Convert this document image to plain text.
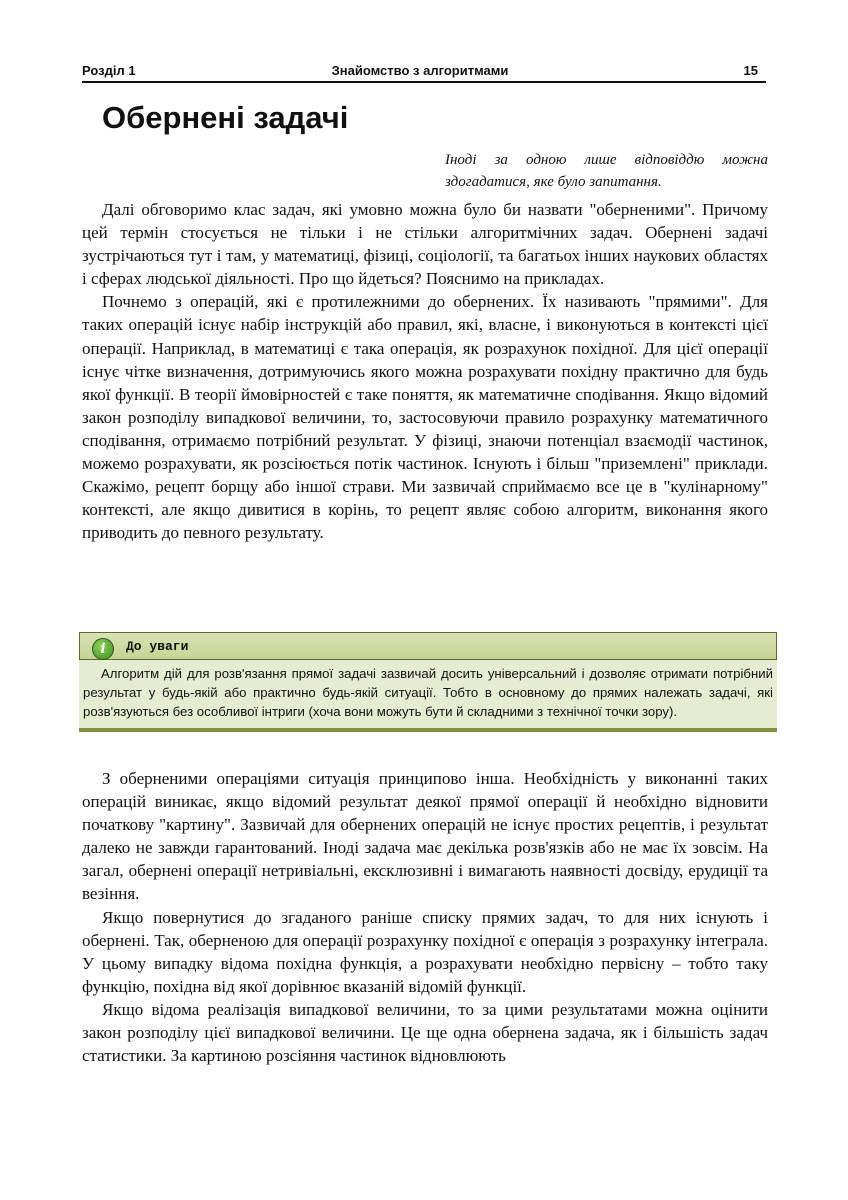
Розділ 1	Знайомство з алгоритмами	15
Обернені задачі
Іноді за одною лише відповіддю можна здогадатися, яке було запитання.

Далі обговоримо клас задач, які умовно можна було би назвати "оберненими". Причому цей термін стосується не тільки і не стільки алгоритмічних задач. Обернені задачі зустрічаються тут і там, у математиці, фізиці, соціології, та багатьох інших наукових областях і сферах людської діяльності. Про що йдеться? Пояснимо на прикладах.

Почнемо з операцій, які є протилежними до обернених. Їх називають "прямими". Для таких операцій існує набір інструкцій або правил, які, власне, і виконуються в контексті цієї операції. Наприклад, в математиці є така операція, як розрахунок похідної. Для цієї операції існує чітке визначення, дотримуючись якого можна розрахувати похідну практично для будь якої функції. В теорії ймовірностей є таке поняття, як математичне сподівання. Якщо відомий закон розподілу випадкової величини, то, застосовуючи правило розрахунку математичного сподівання, отримаємо потрібний результат. У фізиці, знаючи потенціал взаємодії частинок, можемо розрахувати, як розсіюється потік частинок. Існують і більш "приземлені" приклади. Скажімо, рецепт борщу або іншої страви. Ми зазвичай сприймаємо все це в "кулінарному" контексті, але якщо дивитися в корінь, то рецепт являє собою алгоритм, виконання якого приводить до певного результату.

i	До уваги
Алгоритм дій для розв'язання прямої задачі зазвичай досить універсальний і дозволяє отримати потрібний результат у будь-якій або практично будь-якій ситуації. Тобто в основному до прямих належать задачі, які розв'язуються без особливої інтриги (хоча вони можуть бути й складними з технічної точки зору).

З оберненими операціями ситуація принципово інша. Необхідність у виконанні таких операцій виникає, якщо відомий результат деякої прямої операції й необхідно відновити початкову "картину". Зазвичай для обернених операцій не існує простих рецептів, і результат далеко не завжди гарантований. Іноді задача має декілька розв'язків або не має їх зовсім. На загал, обернені операції нетривіальні, ексклюзивні і вимагають наявності досвіду, ерудиції та везіння.

Якщо повернутися до згаданого раніше списку прямих задач, то для них існують і обернені. Так, оберненою для операції розрахунку похідної є операція з розрахунку інтеграла. У цьому випадку відома похідна функція, а розрахувати необхідно первісну – тобто таку функцію, похідна від якої дорівнює вказаній відомій функції.

Якщо відома реалізація випадкової величини, то за цими результатами можна оцінити закон розподілу цієї випадкової величини. Це ще одна обернена задача, як і більшість задач статистики. За картиною розсіяння частинок відновлюють
